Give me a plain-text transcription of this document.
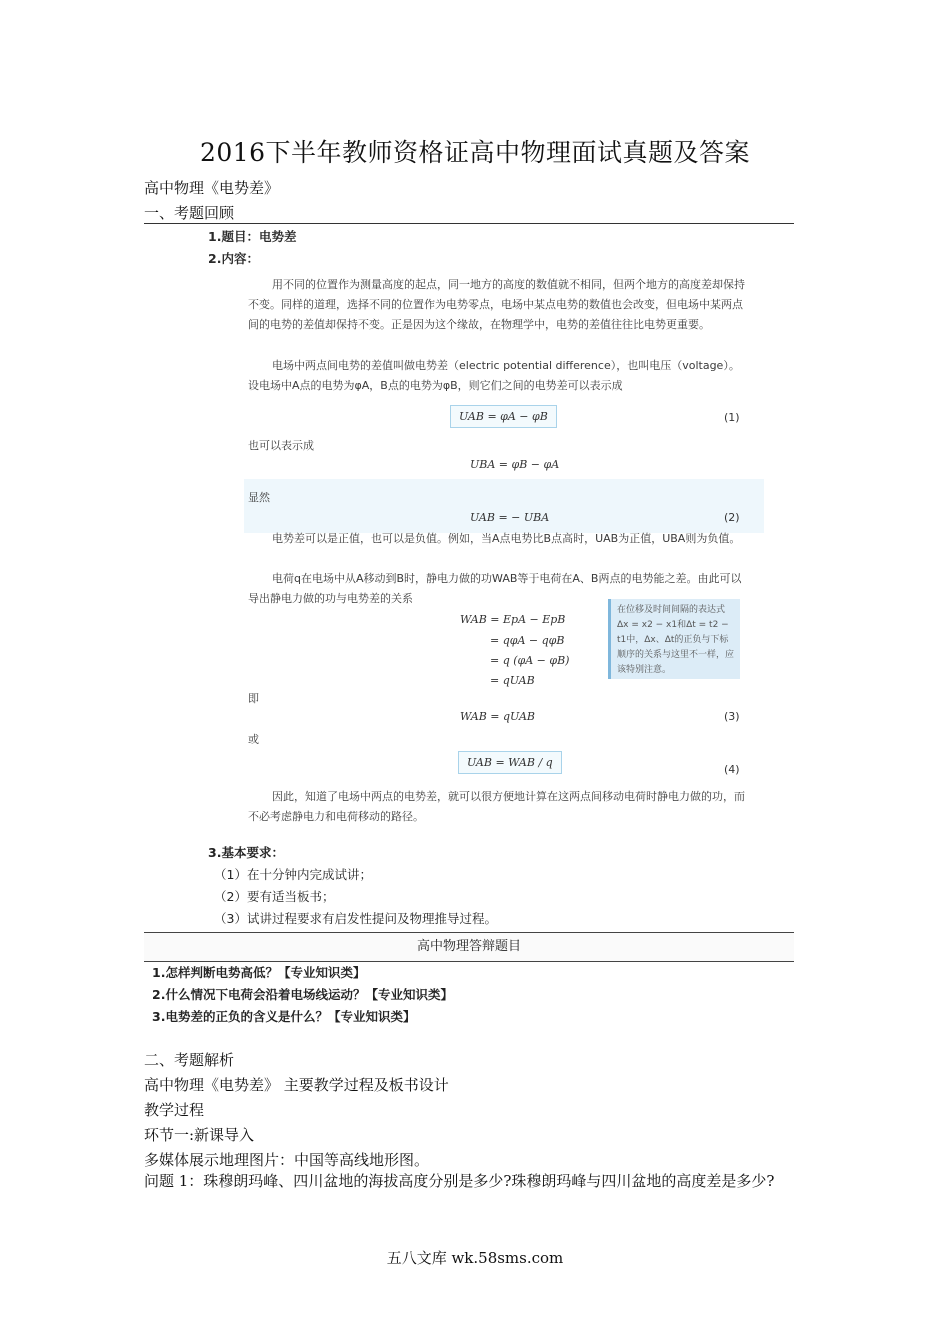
2016下半年教师资格证高中物理面试真题及答案
高中物理《电势差》
一、考题回顾
1.题目：电势差
2.内容：
用不同的位置作为测量高度的起点，同一地方的高度的数值就不相同，但两个地方的高度差却保持不变。同样的道理，选择不同的位置作为电势零点，电场中某点电势的数值也会改变，但电场中某两点间的电势的差值却保持不变。正是因为这个缘故，在物理学中，电势的差值往往比电势更重要。
电场中两点间电势的差值叫做电势差（electric potential difference），也叫电压（voltage）。设电场中A点的电势为φA，B点的电势为φB，则它们之间的电势差可以表示成
UAB = φA − φB	(1)
也可以表示成
UBA = φB − φA
显然
UAB = − UBA	(2)
电势差可以是正值，也可以是负值。例如，当A点电势比B点高时，UAB为正值，UBA则为负值。
电荷q在电场中从A移动到B时，静电力做的功WAB等于电荷在A、B两点的电势能之差。由此可以导出静电力做的功与电势差的关系
WAB = EpA − EpB
= qφA − qφB
= q (φA − φB)
= qUAB
在位移及时间间隔的表达式Δx = x2 − x1和Δt = t2 − t1中，Δx、Δt的正负与下标顺序的关系与这里不一样，应该特别注意。
即
WAB = qUAB	(3)
或
UAB = WAB / q
(4)
因此，知道了电场中两点的电势差，就可以很方便地计算在这两点间移动电荷时静电力做的功，而不必考虑静电力和电荷移动的路径。
3.基本要求：
（1）在十分钟内完成试讲；
（2）要有适当板书；
（3）试讲过程要求有启发性提问及物理推导过程。
高中物理答辩题目
1.怎样判断电势高低？【专业知识类】
2.什么情况下电荷会沿着电场线运动？【专业知识类】
3.电势差的正负的含义是什么？【专业知识类】
二、考题解析
高中物理《电势差》 主要教学过程及板书设计
教学过程
环节一:新课导入
多媒体展示地理图片：中国等高线地形图。
问题 1：珠穆朗玛峰、四川盆地的海拔高度分别是多少?珠穆朗玛峰与四川盆地的高度差是多少?
五八文库 wk.58sms.com
